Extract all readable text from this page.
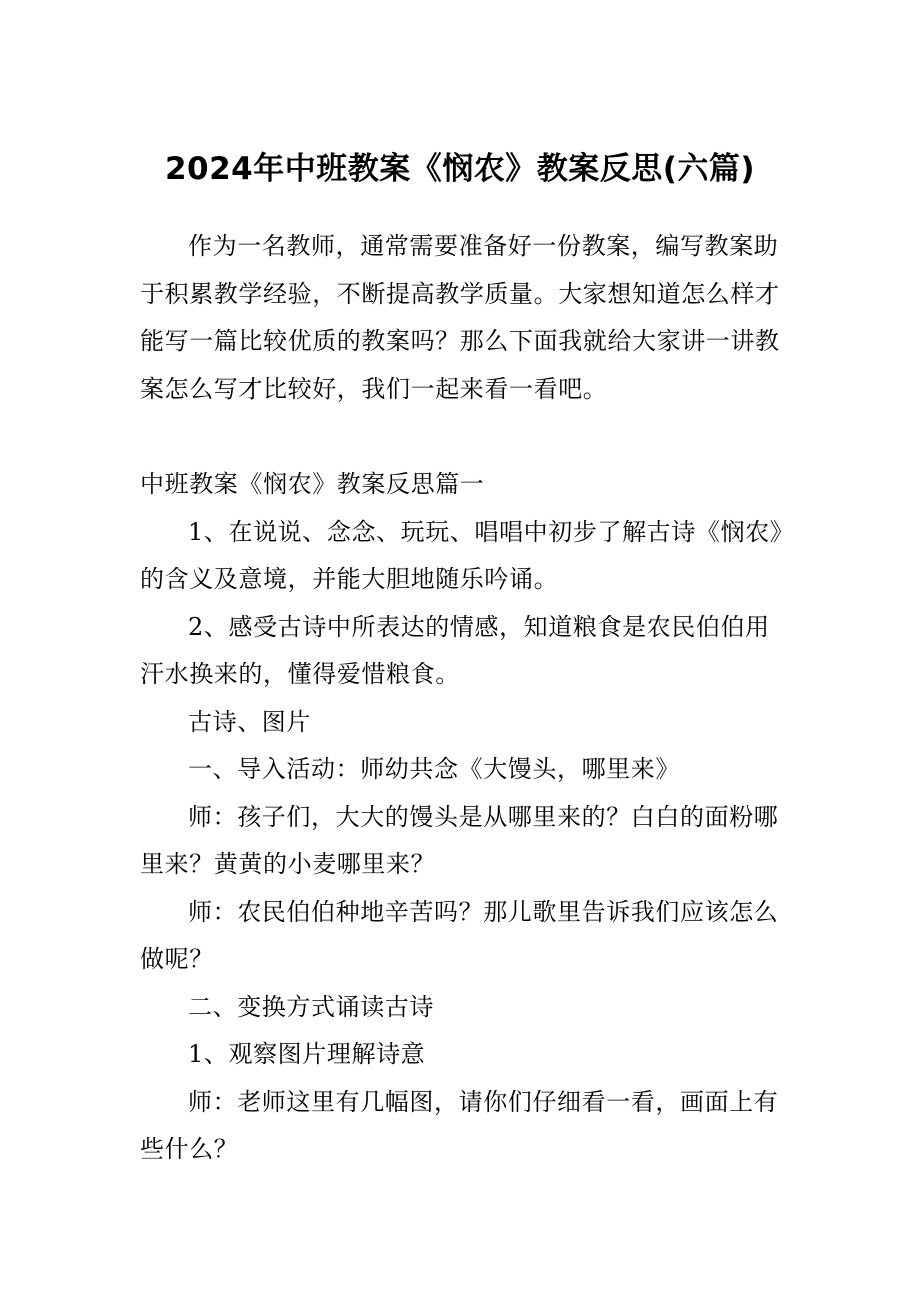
2024年中班教案《悯农》教案反思(六篇)

作为一名教师，通常需要准备好一份教案，编写教案助于积累教学经验，不断提高教学质量。大家想知道怎么样才能写一篇比较优质的教案吗？那么下面我就给大家讲一讲教案怎么写才比较好，我们一起来看一看吧。

中班教案《悯农》教案反思篇一

1、在说说、念念、玩玩、唱唱中初步了解古诗《悯农》的含义及意境，并能大胆地随乐吟诵。

2、感受古诗中所表达的情感，知道粮食是农民伯伯用汗水换来的，懂得爱惜粮食。

古诗、图片

一、导入活动：师幼共念《大馒头，哪里来》

师：孩子们，大大的馒头是从哪里来的？白白的面粉哪里来？黄黄的小麦哪里来？

师：农民伯伯种地辛苦吗？那儿歌里告诉我们应该怎么做呢？

二、变换方式诵读古诗

1、观察图片理解诗意

师：老师这里有几幅图，请你们仔细看一看，画面上有些什么？
